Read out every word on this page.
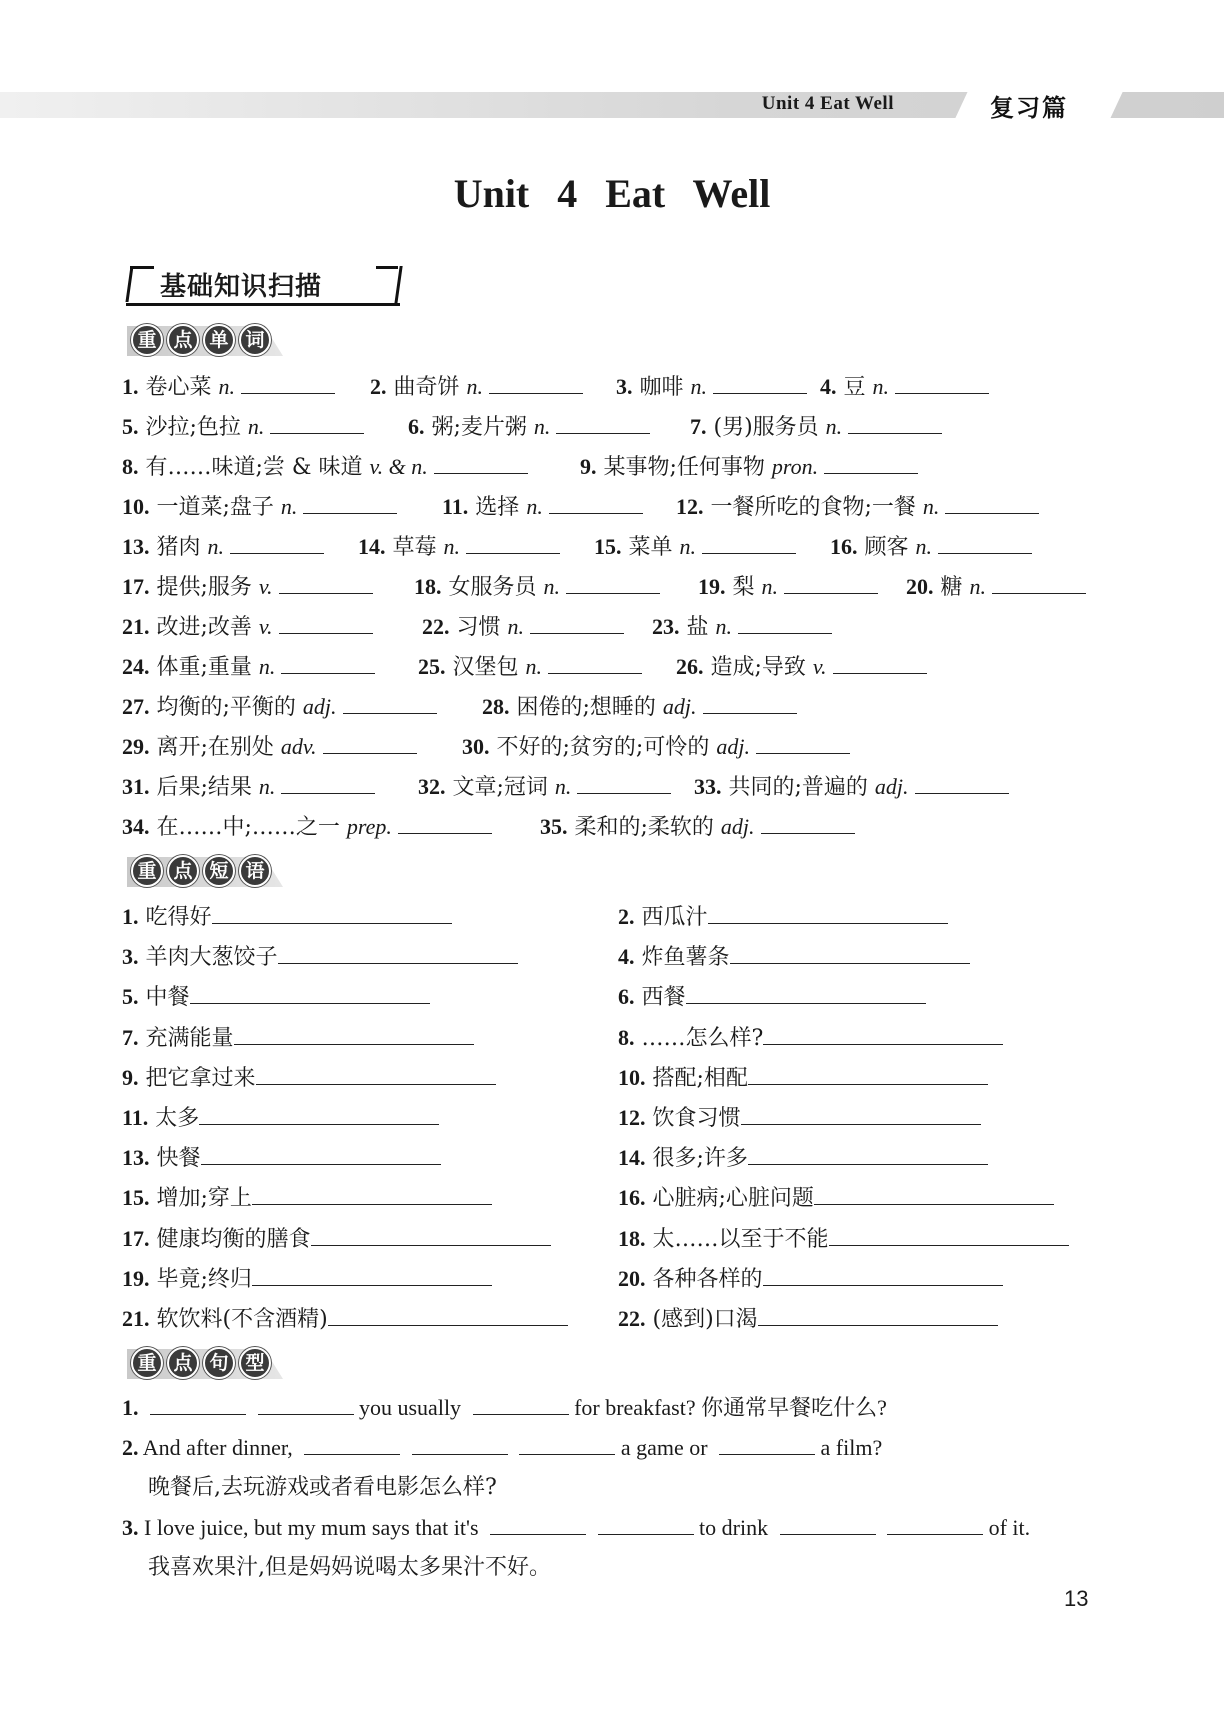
Unit 4 Eat Well	复习篇
Unit 4 Eat Well
基础知识扫描
重 点 单 词
1. 卷心菜 n.	2. 曲奇饼 n.	3. 咖啡 n.	4. 豆 n.
5. 沙拉;色拉 n.	6. 粥;麦片粥 n.	7. (男)服务员 n.
8. 有……味道;尝 & 味道 v. & n.	9. 某事物;任何事物 pron.
10. 一道菜;盘子 n.	11. 选择 n.	12. 一餐所吃的食物;一餐 n.
13. 猪肉 n.	14. 草莓 n.	15. 菜单 n.	16. 顾客 n.
17. 提供;服务 v.	18. 女服务员 n.	19. 梨 n.	20. 糖 n.
21. 改进;改善 v.	22. 习惯 n.	23. 盐 n.
24. 体重;重量 n.	25. 汉堡包 n.	26. 造成;导致 v.
27. 均衡的;平衡的 adj.	28. 困倦的;想睡的 adj.
29. 离开;在别处 adv.	30. 不好的;贫穷的;可怜的 adj.
31. 后果;结果 n.	32. 文章;冠词 n.	33. 共同的;普遍的 adj.
34. 在……中;……之一 prep.	35. 柔和的;柔软的 adj.
重 点 短 语
1. 吃得好	2. 西瓜汁
3. 羊肉大葱饺子	4. 炸鱼薯条
5. 中餐	6. 西餐
7. 充满能量	8. ……怎么样?
9. 把它拿过来	10. 搭配;相配
11. 太多	12. 饮食习惯
13. 快餐	14. 很多;许多
15. 增加;穿上	16. 心脏病;心脏问题
17. 健康均衡的膳食	18. 太……以至于不能
19. 毕竟;终归	20. 各种各样的
21. 软饮料(不含酒精)	22. (感到)口渴
重 点 句 型
1.	you usually	for breakfast? 你通常早餐吃什么?
2. And after dinner,	a game or	a film?
晚餐后,去玩游戏或者看电影怎么样?
3. I love juice, but my mum says that it's	to drink	of it.
我喜欢果汁,但是妈妈说喝太多果汁不好。
13
